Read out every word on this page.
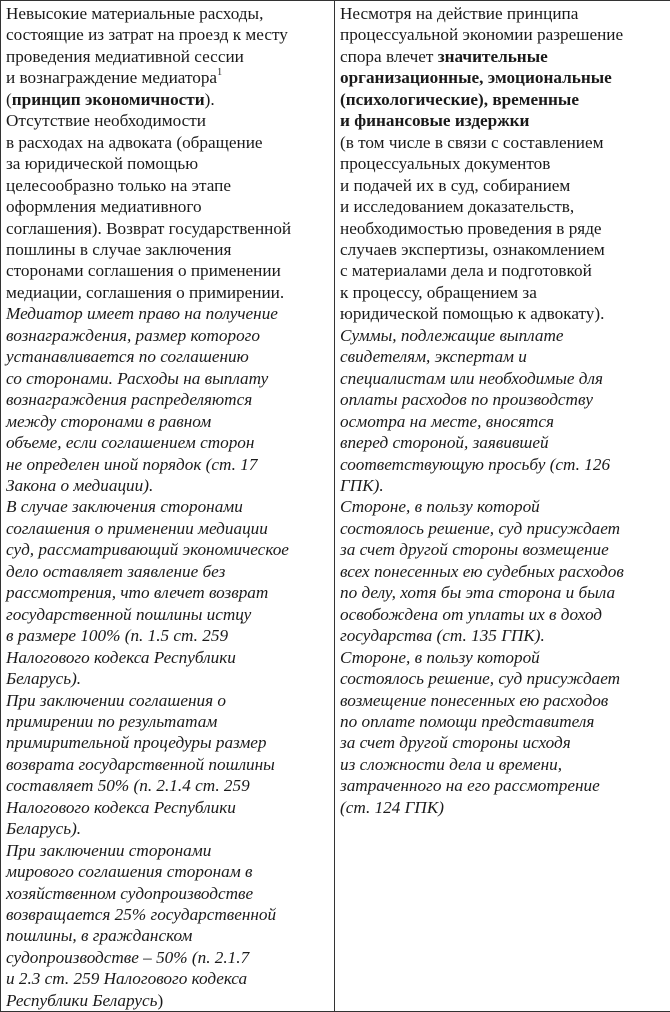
Невысокие материальные расходы,
состоящие из затрат на проезд к месту
проведения медиативной сессии
и вознаграждение медиатора$^1$
(принцип экономичности).
Отсутствие необходимости
в расходах на адвоката (обращение
за юридической помощью
целесообразно только на этапе
оформления медиативного
соглашения). Возврат государственной
пошлины в случае заключения
сторонами соглашения о применении
медиации, соглашения о примирении.
Медиатор имеет право на получение
вознаграждения, размер которого
устанавливается по соглашению
со сторонами. Расходы на выплату
вознаграждения распределяются
между сторонами в равном
объеме, если соглашением сторон
не определен иной порядок (ст. 17
Закона о медиации).
В случае заключения сторонами
соглашения о применении медиации
суд, рассматривающий экономическое
дело оставляет заявление без
рассмотрения, что влечет возврат
государственной пошлины истцу
в размере 100% (п. 1.5 ст. 259
Налогового кодекса Республики
Беларусь).
При заключении соглашения о
примирении по результатам
примирительной процедуры размер
возврата государственной пошлины
составляет 50% (п. 2.1.4 ст. 259
Налогового кодекса Республики
Беларусь).
При заключении сторонами
мирового соглашения сторонам в
хозяйственном судопроизводстве
возвращается 25% государственной
пошлины, в гражданском
судопроизводстве – 50% (п. 2.1.7
и 2.3 ст. 259 Налогового кодекса
Республики Беларусь)

Несмотря на действие принципа
процессуальной экономии разрешение
спора влечет значительные
организационные, эмоциональные
(психологические), временные
и финансовые издержки
(в том числе в связи с составлением
процессуальных документов
и подачей их в суд, собиранием
и исследованием доказательств,
необходимостью проведения в ряде
случаев экспертизы, ознакомлением
с материалами дела и подготовкой
к процессу, обращением за
юридической помощью к адвокату).
Суммы, подлежащие выплате
свидетелям, экспертам и
специалистам или необходимые для
оплаты расходов по производству
осмотра на месте, вносятся
вперед стороной, заявившей
соответствующую просьбу (ст. 126
ГПК).
Стороне, в пользу которой
состоялось решение, суд присуждает
за счет другой стороны возмещение
всех понесенных ею судебных расходов
по делу, хотя бы эта сторона и была
освобождена от уплаты их в доход
государства (ст. 135 ГПК).
Стороне, в пользу которой
состоялось решение, суд присуждает
возмещение понесенных ею расходов
по оплате помощи представителя
за счет другой стороны исходя
из сложности дела и времени,
затраченного на его рассмотрение
(ст. 124 ГПК)
